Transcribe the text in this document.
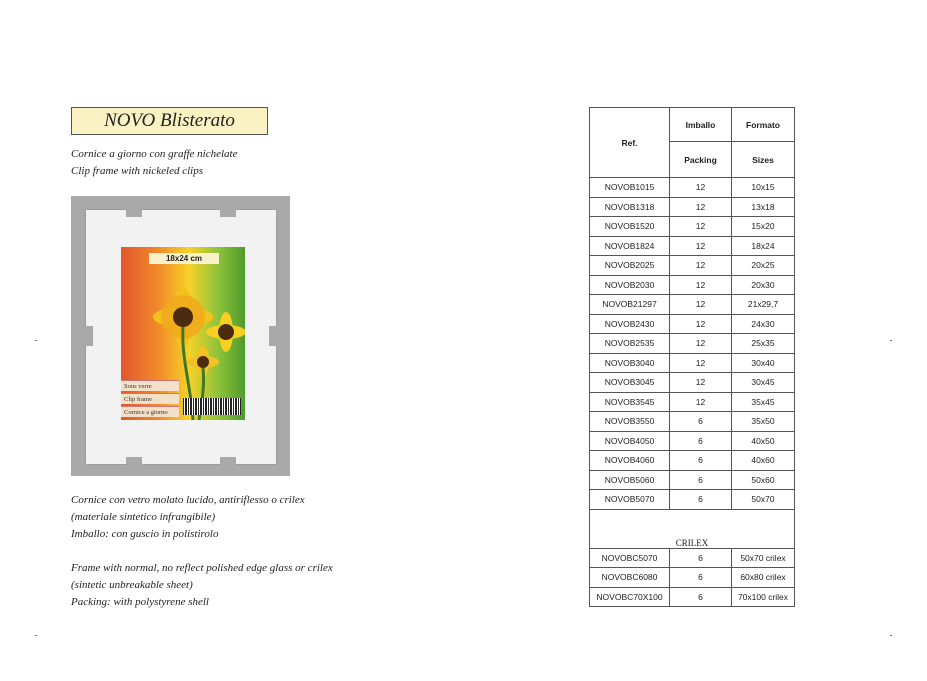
NOVO Blisterato
Cornice a giorno con graffe nichelate
Clip frame with nickeled clips
18x24 cm
Sous verre
Clip frame
Cornice a giorno
Cornice con vetro molato lucido, antiriflesso o crilex
(materiale sintetico infrangibile)
Imballo: con guscio in polistirolo
Frame with normal, no reflect polished edge glass or crilex
(sintetic unbreakable sheet)
Packing: with polystyrene shell
Ref.	Imballo	Formato
	Packing	Sizes
NOVOB1015	12	10x15
NOVOB1318	12	13x18
NOVOB1520	12	15x20
NOVOB1824	12	18x24
NOVOB2025	12	20x25
NOVOB2030	12	20x30
NOVOB21297	12	21x29,7
NOVOB2430	12	24x30
NOVOB2535	12	25x35
NOVOB3040	12	30x40
NOVOB3045	12	30x45
NOVOB3545	12	35x45
NOVOB3550	6	35x50
NOVOB4050	6	40x50
NOVOB4060	6	40x60
NOVOB5060	6	50x60
NOVOB5070	6	50x70
CRILEX		
NOVOBC5070	6	50x70 crilex
NOVOBC6080	6	60x80 crilex
NOVOBC70X100	6	70x100 crilex
